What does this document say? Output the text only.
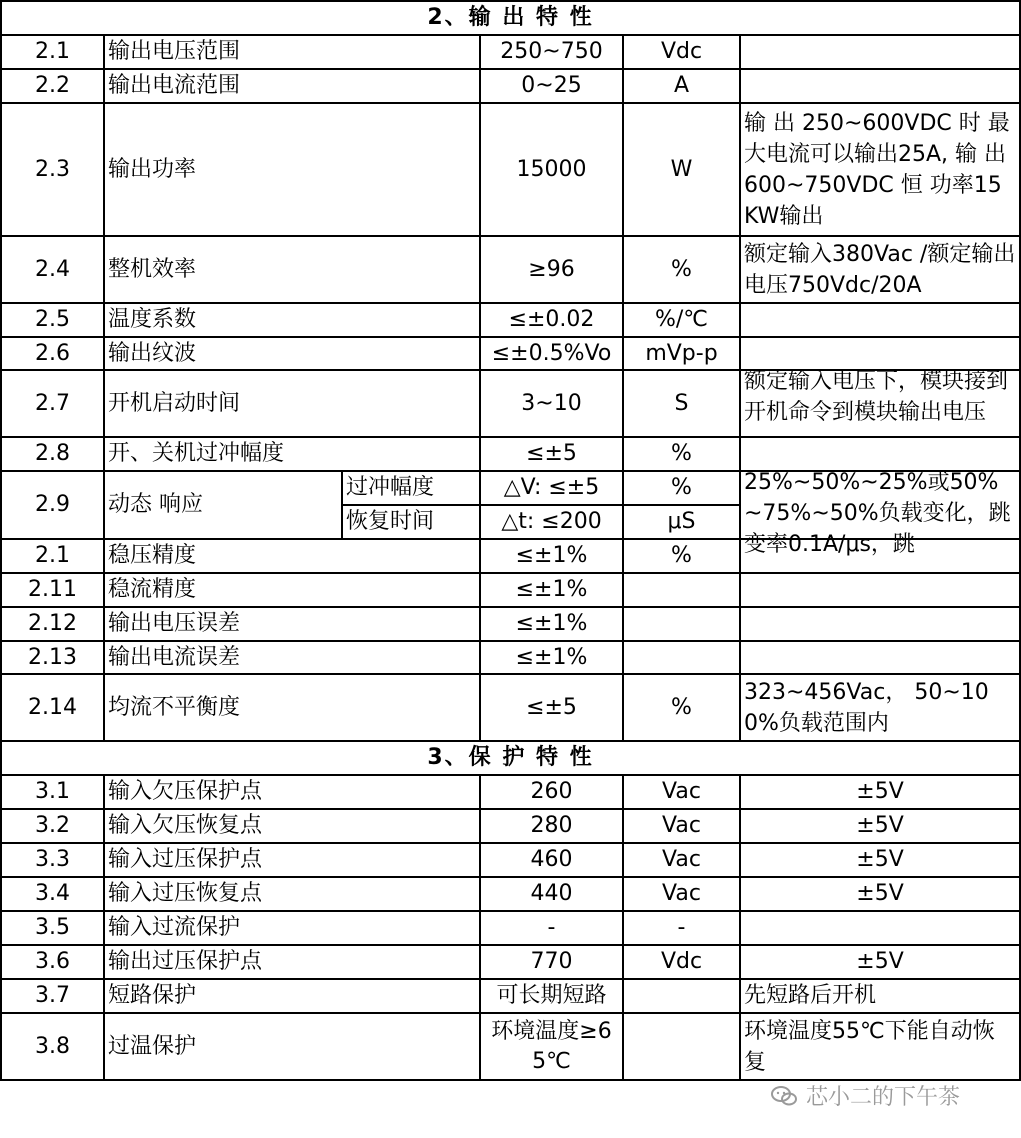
2、输 出 特 性					
2.1	输出电压范围		250~750	Vdc	
2.2	输出电流范围		0~25	A	
2.3	输出功率		15000	W	输 出 250~600VDC 时 最大电流可以输出25A, 输 出 600~750VDC 恒 功率15KW输出
2.4	整机效率		≥96	%	额定输入380Vac /额定输出电压750Vdc/20A
2.5	温度系数		≤±0.02	%/℃	
2.6	输出纹波		≤±0.5%Vo	mVp-p	
2.7	开机启动时间		3~10	S	额定输入电压下，模块接到开机命令到模块输出电压

2.8	开、关机过冲幅度		≤±5	%	
2.9	动态 响应	过冲幅度	△V: ≤±5	%	25%~50%~25%或50%~75%~50%负载变化，跳变率0.1A/μs，跳

		恢复时间	△t: ≤200	μS	
2.1	稳压精度		≤±1%	%	
2.11	稳流精度		≤±1%		
2.12	输出电压误差		≤±1%		
2.13	输出电流误差		≤±1%		
2.14	均流不平衡度		≤±5	%	323~456Vac， 50~100%负载范围内
3、保 护 特 性					
3.1	输入欠压保护点		260	Vac	±5V
3.2	输入欠压恢复点		280	Vac	±5V
3.3	输入过压保护点		460	Vac	±5V
3.4	输入过压恢复点		440	Vac	±5V
3.5	输入过流保护		-	-	
3.6	输出过压保护点		770	Vdc	±5V
3.7	短路保护		可长期短路		先短路后开机
3.8	过温保护		环境温度≥65℃		环境温度55℃下能自动恢复
芯小二的下午茶
